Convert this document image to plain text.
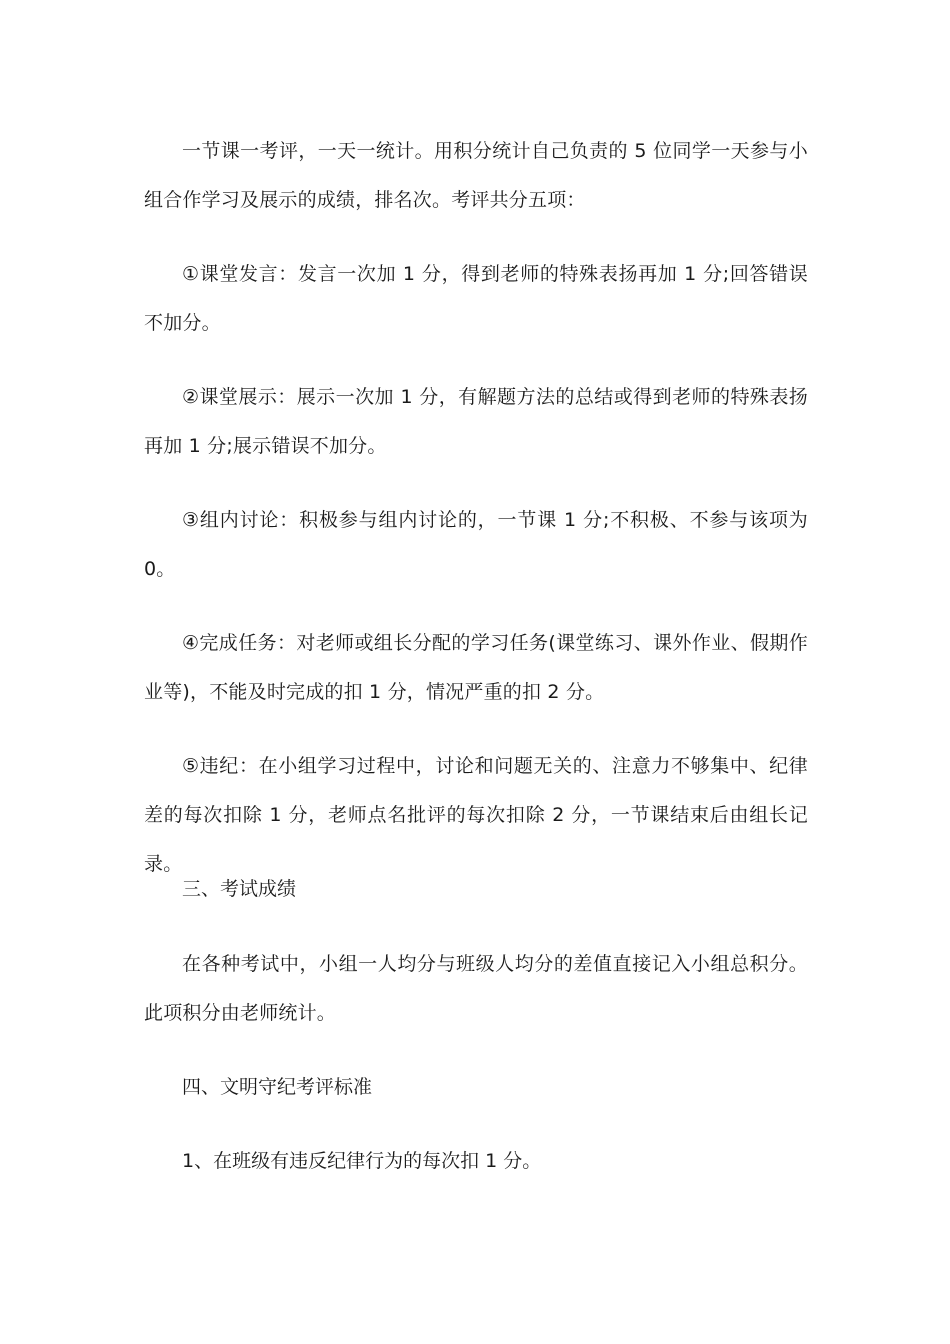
一节课一考评，一天一统计。用积分统计自己负责的 5 位同学一天参与小组合作学习及展示的成绩，排名次。考评共分五项：

①课堂发言：发言一次加 1 分，得到老师的特殊表扬再加 1 分;回答错误不加分。

②课堂展示：展示一次加 1 分，有解题方法的总结或得到老师的特殊表扬再加 1 分;展示错误不加分。

③组内讨论：积极参与组内讨论的，一节课 1 分;不积极、不参与该项为 0。

④完成任务：对老师或组长分配的学习任务(课堂练习、课外作业、假期作业等)，不能及时完成的扣 1 分，情况严重的扣 2 分。

⑤违纪：在小组学习过程中，讨论和问题无关的、注意力不够集中、纪律差的每次扣除 1 分，老师点名批评的每次扣除 2 分，一节课结束后由组长记录。

三、考试成绩

在各种考试中，小组一人均分与班级人均分的差值直接记入小组总积分。此项积分由老师统计。

四、文明守纪考评标准

1、在班级有违反纪律行为的每次扣 1 分。
